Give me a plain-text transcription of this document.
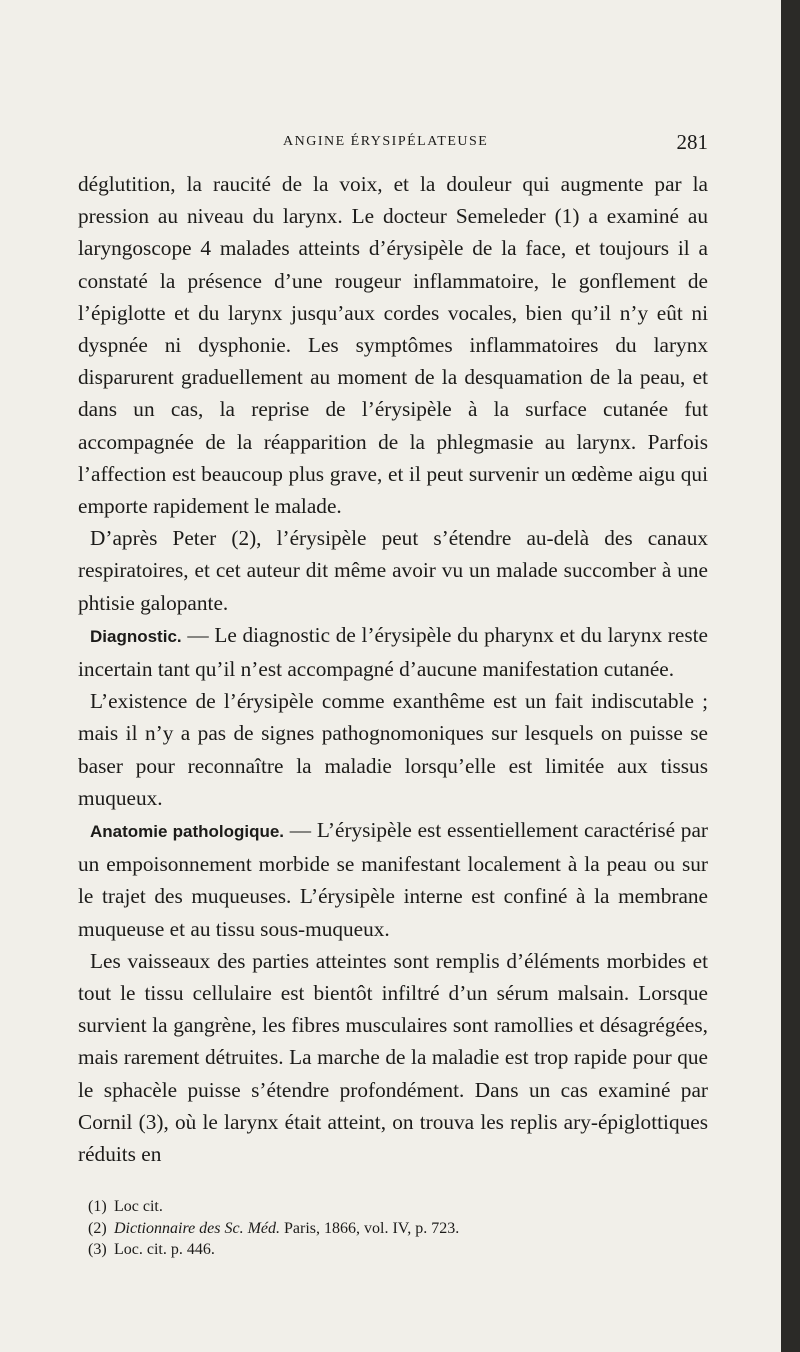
ANGINE ÉRYSIPÉLATEUSE	281

déglutition, la raucité de la voix, et la douleur qui augmente par la pression au niveau du larynx. Le docteur Semeleder (1) a examiné au laryngoscope 4 malades atteints d’érysipèle de la face, et toujours il a constaté la présence d’une rougeur inflammatoire, le gonflement de l’épiglotte et du larynx jusqu’aux cordes vocales, bien qu’il n’y eût ni dyspnée ni dysphonie. Les symptômes inflammatoires du larynx disparurent graduellement au moment de la desquamation de la peau, et dans un cas, la reprise de l’érysipèle à la surface cutanée fut accompagnée de la réapparition de la phlegmasie au larynx. Parfois l’affection est beaucoup plus grave, et il peut survenir un œdème aigu qui emporte rapidement le malade.

D’après Peter (2), l’érysipèle peut s’étendre au-delà des canaux respiratoires, et cet auteur dit même avoir vu un malade succomber à une phtisie galopante.

Diagnostic. — Le diagnostic de l’érysipèle du pharynx et du larynx reste incertain tant qu’il n’est accompagné d’aucune manifestation cutanée.

L’existence de l’érysipèle comme exanthême est un fait indiscutable ; mais il n’y a pas de signes pathognomoniques sur lesquels on puisse se baser pour reconnaître la maladie lorsqu’elle est limitée aux tissus muqueux.

Anatomie pathologique. — L’érysipèle est essentiellement caractérisé par un empoisonnement morbide se manifestant localement à la peau ou sur le trajet des muqueuses. L’érysipèle interne est confiné à la membrane muqueuse et au tissu sous-muqueux.

Les vaisseaux des parties atteintes sont remplis d’éléments morbides et tout le tissu cellulaire est bientôt infiltré d’un sérum malsain. Lorsque survient la gangrène, les fibres musculaires sont ramollies et désagrégées, mais rarement détruites. La marche de la maladie est trop rapide pour que le sphacèle puisse s’étendre profondément. Dans un cas examiné par Cornil (3), où le larynx était atteint, on trouva les replis ary-épiglottiques réduits en

(1) Loc cit.
(2) Dictionnaire des Sc. Méd. Paris, 1866, vol. IV, p. 723.
(3) Loc. cit. p. 446.
